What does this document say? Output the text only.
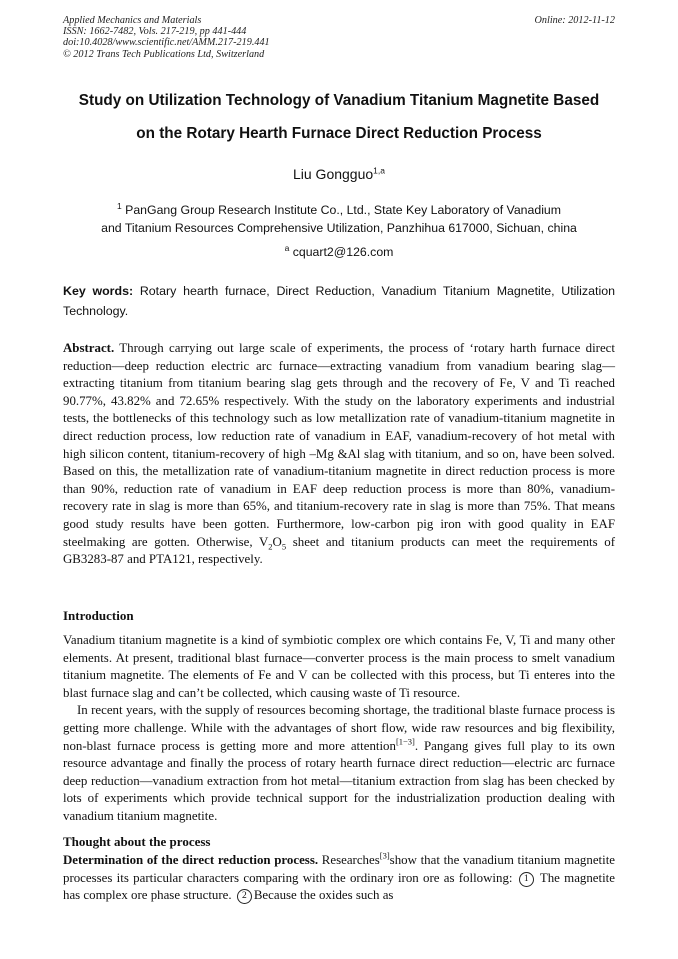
Applied Mechanics and Materials
ISSN: 1662-7482, Vols. 217-219, pp 441-444
doi:10.4028/www.scientific.net/AMM.217-219.441
© 2012 Trans Tech Publications Ltd, Switzerland
Online: 2012-11-12
Study on Utilization Technology of Vanadium Titanium Magnetite Based
on the Rotary Hearth Furnace Direct Reduction Process
Liu Gongguo$^{1,a}$
$^1$ PanGang Group Research Institute Co., Ltd., State Key Laboratory of Vanadium
and Titanium Resources Comprehensive Utilization, Panzhihua 617000, Sichuan, china
$^a$ cquart2@126.com
Key words: Rotary hearth furnace, Direct Reduction, Vanadium Titanium Magnetite, Utilization Technology.
Abstract. Through carrying out large scale of experiments, the process of ‘rotary harth furnace direct reduction—deep reduction electric arc furnace—extracting vanadium from vanadium bearing slag—extracting titanium from titanium bearing slag gets through and the recovery of Fe, V and Ti reached 90.77%, 43.82% and 72.65% respectively. With the study on the laboratory experiments and industrial tests, the bottlenecks of this technology such as low metallization rate of vanadium-titanium magnetite in direct reduction process, low reduction rate of vanadium in EAF, vanadium-recovery of hot metal with high silicon content, titanium-recovery of high –Mg &Al slag with titanium, and so on, have been solved. Based on this, the metallization rate of vanadium-titanium magnetite in direct reduction process is more than 90%, reduction rate of vanadium in EAF deep reduction process is more than 80%, vanadium-recovery rate in slag is more than 65%, and titanium-recovery rate in slag is more than 75%. That means good study results have been gotten. Furthermore, low-carbon pig iron with good quality in EAF steelmaking are gotten. Otherwise, $V_2O_5$ sheet and titanium products can meet the requirements of GB3283-87 and PTA121, respectively.
Introduction
Vanadium titanium magnetite is a kind of symbiotic complex ore which contains Fe, V, Ti and many other elements. At present, traditional blast furnace—converter process is the main process to smelt vanadium titanium magnetite. The elements of Fe and V can be collected with this process, but Ti enteres into the blast furnace slag and can’t be collected, which causing waste of Ti resource.
In recent years, with the supply of resources becoming shortage, the traditional blaste furnace process is getting more challenge. While with the advantages of short flow, wide raw resources and big flexibility, non-blast furnace process is getting more and more attention[1−3]. Pangang gives full play to its own resource advantage and finally the process of rotary hearth furnace direct reduction—electric arc furnace deep reduction—vanadium extraction from hot metal—titanium extraction from slag has been checked by lots of experiments which provide technical support for the industrialization production dealing with vanadium titanium magnetite.
Thought about the process
Determination of the direct reduction process. Researches[3]show that the vanadium titanium magnetite processes its particular characters comparing with the ordinary iron ore as following: 1 The magnetite has complex ore phase structure. 2 Because the oxides such as
